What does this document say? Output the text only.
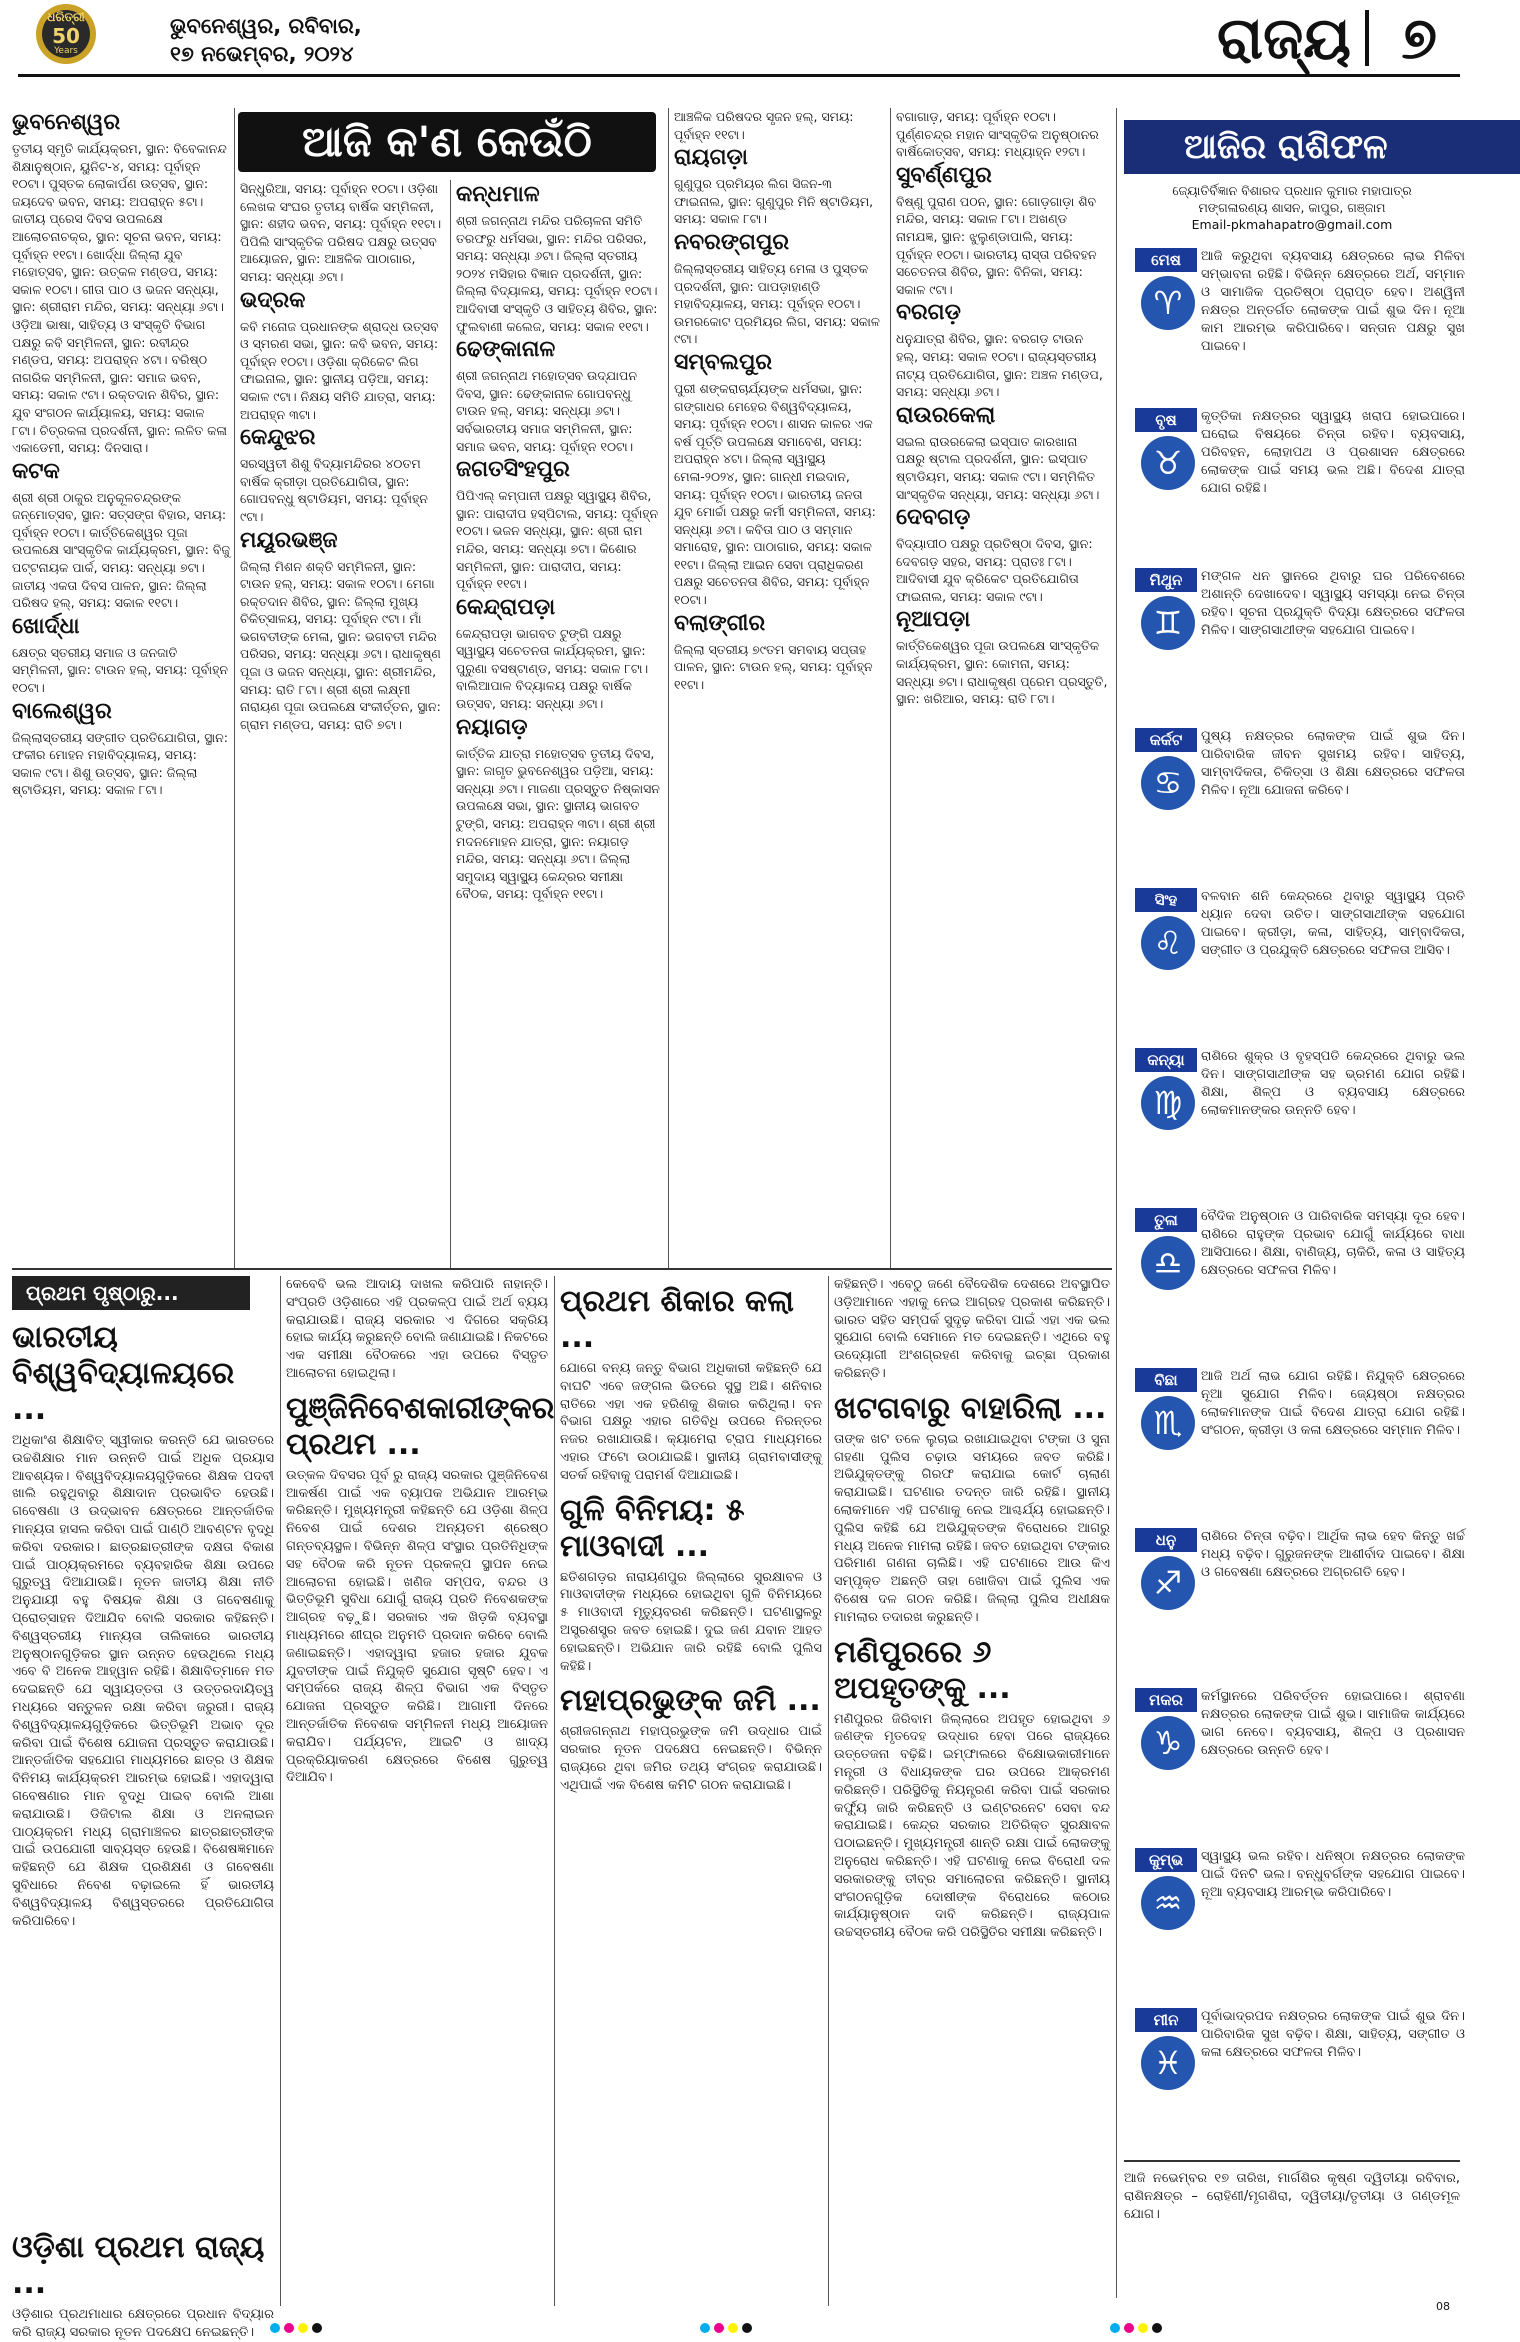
ଧରିତ୍ରୀ
50
Years
ଭୁବନେଶ୍ୱର, ରବିବାର,
୧୭ ନଭେମ୍ବର, ୨୦୨୪	ରାଜ୍ୟ ୭
ଆଜି କ'ଣ କେଉଁଠି
ଭୁବନେଶ୍ୱର

ତୃତୀୟ ସ୍ମୃତି କାର୍ଯ୍ୟକ୍ରମ, ସ୍ଥାନ: ବିବେକାନନ୍ଦ ଶିକ୍ଷାନୁଷ୍ଠାନ, ୟୁନିଟ-୪, ସମୟ: ପୂର୍ବାହ୍ନ ୧୦ଟା। ପୁସ୍ତକ ଲୋକାର୍ପଣ ଉତ୍ସବ, ସ୍ଥାନ: ଜୟଦେବ ଭବନ, ସମୟ: ଅପରାହ୍ନ ୫ଟା। ଜାତୀୟ ପ୍ରେସ ଦିବସ ଉପଲକ୍ଷେ ଆଲୋଚନାଚକ୍ର, ସ୍ଥାନ: ସୂଚନା ଭବନ, ସମୟ: ପୂର୍ବାହ୍ନ ୧୧ଟା। ଖୋର୍ଦ୍ଧା ଜିଲ୍ଲା ଯୁବ ମହୋତ୍ସବ, ସ୍ଥାନ: ଉତ୍କଳ ମଣ୍ଡପ, ସମୟ: ସକାଳ ୧୦ଟା। ଗୀତା ପାଠ ଓ ଭଜନ ସନ୍ଧ୍ୟା, ସ୍ଥାନ: ଶ୍ରୀରାମ ମନ୍ଦିର, ସମୟ: ସନ୍ଧ୍ୟା ୬ଟା। ଓଡ଼ିଆ ଭାଷା, ସାହିତ୍ୟ ଓ ସଂସ୍କୃତି ବିଭାଗ ପକ୍ଷରୁ କବି ସମ୍ମିଳନୀ, ସ୍ଥାନ: ରବୀନ୍ଦ୍ର ମଣ୍ଡପ, ସମୟ: ଅପରାହ୍ନ ୪ଟା। ବରିଷ୍ଠ ନାଗରିକ ସମ୍ମିଳନୀ, ସ୍ଥାନ: ସମାଜ ଭବନ, ସମୟ: ସକାଳ ୯ଟା। ରକ୍ତଦାନ ଶିବିର, ସ୍ଥାନ: ଯୁବ ସଂଗଠନ କାର୍ଯ୍ୟାଳୟ, ସମୟ: ସକାଳ ୮ଟା। ଚିତ୍ରକଳା ପ୍ରଦର୍ଶନୀ, ସ୍ଥାନ: ଲଳିତ କଳା ଏକାଡେମୀ, ସମୟ: ଦିନସାରା।

କଟକ

ଶ୍ରୀ ଶ୍ରୀ ଠାକୁର ଅନୁକୂଳଚନ୍ଦ୍ରଙ୍କ ଜନ୍ମୋତ୍ସବ, ସ୍ଥାନ: ସତ୍ସଙ୍ଗ ବିହାର, ସମୟ: ପୂର୍ବାହ୍ନ ୧୦ଟା। କାର୍ତ୍ତିକେଶ୍ୱର ପୂଜା ଉପଲକ୍ଷେ ସାଂସ୍କୃତିକ କାର୍ଯ୍ୟକ୍ରମ, ସ୍ଥାନ: ବିଜୁ ପଟ୍ଟନାୟକ ପାର୍କ, ସମୟ: ସନ୍ଧ୍ୟା ୭ଟା। ଜାତୀୟ ଏକତା ଦିବସ ପାଳନ, ସ୍ଥାନ: ଜିଲ୍ଲା ପରିଷଦ ହଲ୍, ସମୟ: ସକାଳ ୧୧ଟା।

ଖୋର୍ଦ୍ଧା

କ୍ଷେତ୍ର ସ୍ତରୀୟ ସମାଜ ଓ ଜନଜାତି ସମ୍ମିଳନୀ, ସ୍ଥାନ: ଟାଉନ ହଲ୍, ସମୟ: ପୂର୍ବାହ୍ନ ୧୦ଟା।

ବାଲେଶ୍ୱର

ଜିଲ୍ଲାସ୍ତରୀୟ ସଙ୍ଗୀତ ପ୍ରତିଯୋଗିତା, ସ୍ଥାନ: ଫକୀର ମୋହନ ମହାବିଦ୍ୟାଳୟ, ସମୟ: ସକାଳ ୯ଟା। ଶିଶୁ ଉତ୍ସବ, ସ୍ଥାନ: ଜିଲ୍ଲା ଷ୍ଟାଡିୟମ, ସମୟ: ସକାଳ ୮ଟା।

ସିନ୍ଧୁରିଆ, ସମୟ: ପୂର୍ବାହ୍ନ ୧୦ଟା। ଓଡ଼ିଶା ଲେଖକ ସଂଘର ତୃତୀୟ ବାର୍ଷିକ ସମ୍ମିଳନୀ, ସ୍ଥାନ: ଶହୀଦ ଭବନ, ସମୟ: ପୂର୍ବାହ୍ନ ୧୧ଟା। ପିପିଲି ସାଂସ୍କୃତିକ ପରିଷଦ ପକ୍ଷରୁ ଉତ୍ସବ ଆୟୋଜନ, ସ୍ଥାନ: ଆଞ୍ଚଳିକ ପାଠାଗାର, ସମୟ: ସନ୍ଧ୍ୟା ୬ଟା।

ଭଦ୍ରକ

କବି ମନୋଜ ପ୍ରଧାନଙ୍କ ଶ୍ରାଦ୍ଧ ଉତ୍ସବ ଓ ସ୍ମରଣ ସଭା, ସ୍ଥାନ: କବି ଭବନ, ସମୟ: ପୂର୍ବାହ୍ନ ୧୦ଟା। ଓଡ଼ିଶା କ୍ରିକେଟ ଲିଗ ଫାଇନାଲ, ସ୍ଥାନ: ସ୍ଥାନୀୟ ପଡ଼ିଆ, ସମୟ: ସକାଳ ୯ଟା। ନିକ୍ଷୟ ସମିତି ଯାତ୍ରା, ସମୟ: ଅପରାହ୍ନ ୩ଟା।

କେନ୍ଦୁଝର

ସରସ୍ୱତୀ ଶିଶୁ ବିଦ୍ୟାମନ୍ଦିରର ୪୦ତମ ବାର୍ଷିକ କ୍ରୀଡ଼ା ପ୍ରତିଯୋଗିତା, ସ୍ଥାନ: ଗୋପବନ୍ଧୁ ଷ୍ଟାଡିୟମ, ସମୟ: ପୂର୍ବାହ୍ନ ୯ଟା।

ମୟୂରଭଞ୍ଜ

ଜିଲ୍ଲା ମିଶନ ଶକ୍ତି ସମ୍ମିଳନୀ, ସ୍ଥାନ: ଟାଉନ ହଲ୍, ସମୟ: ସକାଳ ୧୦ଟା। ମେଗା ରକ୍ତଦାନ ଶିବିର, ସ୍ଥାନ: ଜିଲ୍ଲା ମୁଖ୍ୟ ଚିକିତ୍ସାଳୟ, ସମୟ: ପୂର୍ବାହ୍ନ ୯ଟା। ମାଁ ଭଗବତୀଙ୍କ ମେଳା, ସ୍ଥାନ: ଭଗବତୀ ମନ୍ଦିର ପରିସର, ସମୟ: ସନ୍ଧ୍ୟା ୬ଟା। ରାଧାକୃଷ୍ଣ ପୂଜା ଓ ଭଜନ ସନ୍ଧ୍ୟା, ସ୍ଥାନ: ଶ୍ରୀମନ୍ଦିର, ସମୟ: ରାତି ୮ଟା। ଶ୍ରୀ ଶ୍ରୀ ଲକ୍ଷ୍ମୀ ନାରାୟଣ ପୂଜା ଉପଲକ୍ଷେ ସଂକୀର୍ତ୍ତନ, ସ୍ଥାନ: ଗ୍ରାମ ମଣ୍ଡପ, ସମୟ: ରାତି ୭ଟା।

କନ୍ଧମାଳ

ଶ୍ରୀ ଜଗନ୍ନାଥ ମନ୍ଦିର ପରିଚାଳନା ସମିତି ତରଫରୁ ଧର୍ମସଭା, ସ୍ଥାନ: ମନ୍ଦିର ପରିସର, ସମୟ: ସନ୍ଧ୍ୟା ୬ଟା। ଜିଲ୍ଲା ସ୍ତରୀୟ ୨୦୨୪ ମସିହାର ବିଜ୍ଞାନ ପ୍ରଦର୍ଶନୀ, ସ୍ଥାନ: ଜିଲ୍ଲା ବିଦ୍ୟାଳୟ, ସମୟ: ପୂର୍ବାହ୍ନ ୧୦ଟା। ଆଦିବାସୀ ସଂସ୍କୃତି ଓ ସାହିତ୍ୟ ଶିବିର, ସ୍ଥାନ: ଫୁଲବାଣୀ କଲେଜ, ସମୟ: ସକାଳ ୧୧ଟା।

ଢେଙ୍କାନାଳ

ଶ୍ରୀ ଜଗନ୍ନାଥ ମହୋତ୍ସବ ଉଦ୍‌ଯାପନ ଦିବସ, ସ୍ଥାନ: ଢେଙ୍କାନାଳ ଗୋପବନ୍ଧୁ ଟାଉନ ହଲ୍, ସମୟ: ସନ୍ଧ୍ୟା ୬ଟା। ସର୍ବଭାରତୀୟ ସମାଜ ସମ୍ମିଳନୀ, ସ୍ଥାନ: ସମାଜ ଭବନ, ସମୟ: ପୂର୍ବାହ୍ନ ୧୦ଟା।

ଜଗତସିଂହପୁର

ପିପିଏଲ୍ କମ୍ପାନୀ ପକ୍ଷରୁ ସ୍ୱାସ୍ଥ୍ୟ ଶିବିର, ସ୍ଥାନ: ପାରାଦୀପ ହସ୍ପିଟାଲ, ସମୟ: ପୂର୍ବାହ୍ନ ୧୦ଟା। ଭଜନ ସନ୍ଧ୍ୟା, ସ୍ଥାନ: ଶ୍ରୀ ରାମ ମନ୍ଦିର, ସମୟ: ସନ୍ଧ୍ୟା ୭ଟା। କିଶୋର ସମ୍ମିଳନୀ, ସ୍ଥାନ: ପାରାଦୀପ, ସମୟ: ପୂର୍ବାହ୍ନ ୧୧ଟା।

କେନ୍ଦ୍ରାପଡ଼ା

କେନ୍ଦ୍ରାପଡ଼ା ଭାଗବତ ଟୁଙ୍ଗି ପକ୍ଷରୁ ସ୍ୱାସ୍ଥ୍ୟ ସଚେତନତା କାର୍ଯ୍ୟକ୍ରମ, ସ୍ଥାନ: ପୁରୁଣା ବସଷ୍ଟାଣ୍ଡ, ସମୟ: ସକାଳ ୮ଟା। ବାଲିଆପାଳ ବିଦ୍ୟାଳୟ ପକ୍ଷରୁ ବାର୍ଷିକ ଉତ୍ସବ, ସମୟ: ସନ୍ଧ୍ୟା ୬ଟା।

ନୟାଗଡ଼

କାର୍ତ୍ତିକ ଯାତ୍ରା ମହୋତ୍ସବ ତୃତୀୟ ଦିବସ, ସ୍ଥାନ: ଜାଗୃତ ଭୁବନେଶ୍ୱର ପଡ଼ିଆ, ସମୟ: ସନ୍ଧ୍ୟା ୬ଟା। ମାଜଣା ପ୍ରସ୍ତୁତ ନିଷ୍କାସନ ଉପଲକ୍ଷେ ସଭା, ସ୍ଥାନ: ସ୍ଥାନୀୟ ଭାଗବତ ଟୁଙ୍ଗି, ସମୟ: ଅପରାହ୍ନ ୩ଟା। ଶ୍ରୀ ଶ୍ରୀ ମଦନମୋହନ ଯାତ୍ରା, ସ୍ଥାନ: ନୟାଗଡ଼ ମନ୍ଦିର, ସମୟ: ସନ୍ଧ୍ୟା ୬ଟା। ଜିଲ୍ଲା ସମୁଦାୟ ସ୍ୱାସ୍ଥ୍ୟ କେନ୍ଦ୍ରର ସମୀକ୍ଷା ବୈଠକ, ସମୟ: ପୂର୍ବାହ୍ନ ୧୧ଟା।

ଆଞ୍ଚଳିକ ପରିଷଦର ସୃଜନ ହଲ୍, ସମୟ: ପୂର୍ବାହ୍ନ ୧୧ଟା।

ରାୟଗଡ଼ା

ଗୁଣୁପୁର ପ୍ରମିୟର ଲିଗ ସିଜନ-୩ ଫାଇନାଲ, ସ୍ଥାନ: ଗୁଣୁପୁର ମିନି ଷ୍ଟାଡିୟମ, ସମୟ: ସକାଳ ୮ଟା।

ନବରଙ୍ଗପୁର

ଜିଲ୍ଲାସ୍ତରୀୟ ସାହିତ୍ୟ ମେଳା ଓ ପୁସ୍ତକ ପ୍ରଦର୍ଶନୀ, ସ୍ଥାନ: ପାପଡ଼ାହାଣ୍ଡି ମହାବିଦ୍ୟାଳୟ, ସମୟ: ପୂର୍ବାହ୍ନ ୧୦ଟା। ଉମରକୋଟ ପ୍ରମିୟର ଲିଗ, ସମୟ: ସକାଳ ୯ଟା।

ସମ୍ବଲପୁର

ପୁରୀ ଶଙ୍କରାଚାର୍ଯ୍ୟଙ୍କ ଧର୍ମସଭା, ସ୍ଥାନ: ଗଙ୍ଗାଧର ମେହେର ବିଶ୍ୱବିଦ୍ୟାଳୟ, ସମୟ: ପୂର୍ବାହ୍ନ ୧୦ଟା। ଶାସନ କାଳର ଏକ ବର୍ଷ ପୂର୍ତ୍ତି ଉପଲକ୍ଷେ ସମାବେଶ, ସମୟ: ଅପରାହ୍ନ ୪ଟା। ଜିଲ୍ଲା ସ୍ୱାସ୍ଥ୍ୟ ମେଳା-୨୦୨୪, ସ୍ଥାନ: ଗାନ୍ଧୀ ମଇଦାନ, ସମୟ: ପୂର୍ବାହ୍ନ ୧୦ଟା। ଭାରତୀୟ ଜନତା ଯୁବ ମୋର୍ଚ୍ଚା ପକ୍ଷରୁ କର୍ମୀ ସମ୍ମିଳନୀ, ସମୟ: ସନ୍ଧ୍ୟା ୬ଟା। କବିତା ପାଠ ଓ ସମ୍ମାନ ସମାରୋହ, ସ୍ଥାନ: ପାଠାଗାର, ସମୟ: ସକାଳ ୧୧ଟା। ଜିଲ୍ଲା ଆଇନ ସେବା ପ୍ରାଧିକରଣ ପକ୍ଷରୁ ସଚେତନତା ଶିବିର, ସମୟ: ପୂର୍ବାହ୍ନ ୧୦ଟା।

ବଲାଙ୍ଗୀର

ଜିଲ୍ଲା ସ୍ତରୀୟ ୭୯ତମ ସମବାୟ ସପ୍ତାହ ପାଳନ, ସ୍ଥାନ: ଟାଉନ ହଲ୍, ସମୟ: ପୂର୍ବାହ୍ନ ୧୧ଟା।

ବଗାଗାଡ଼, ସମୟ: ପୂର୍ବାହ୍ନ ୧୦ଟା। ପୁର୍ଣ୍ଣଚନ୍ଦ୍ର ମହାନ ସାଂସ୍କୃତିକ ଅନୁଷ୍ଠାନର ବାର୍ଷିକୋତ୍ସବ, ସମୟ: ମଧ୍ୟାହ୍ନ ୧୨ଟା।

ସୁବର୍ଣ୍ଣପୁର

ବିଷ୍ଣୁ ପୁରାଣ ପଠନ, ସ୍ଥାନ: ଗୋଡ଼ଗାଡ଼ା ଶିବ ମନ୍ଦିର, ସମୟ: ସକାଳ ୮ଟା। ଅଖଣ୍ଡ ନାମଯଜ୍ଞ, ସ୍ଥାନ: ଝୁଲୁଣ୍ଡାପାଲି, ସମୟ: ପୂର୍ବାହ୍ନ ୧୦ଟା। ଭାରତୀୟ ରାସ୍ତା ପରିବହନ ସଚେତନତା ଶିବିର, ସ୍ଥାନ: ବିନିକା, ସମୟ: ସକାଳ ୯ଟା।

ବରଗଡ଼

ଧନୁଯାତ୍ରା ଶିବିର, ସ୍ଥାନ: ବରଗଡ଼ ଟାଉନ ହଲ୍, ସମୟ: ସକାଳ ୧୦ଟା। ରାଜ୍ୟସ୍ତରୀୟ ନାଟ୍ୟ ପ୍ରତିଯୋଗିତା, ସ୍ଥାନ: ଅଞ୍ଚଳ ମଣ୍ଡପ, ସମୟ: ସନ୍ଧ୍ୟା ୬ଟା।

ରାଉରକେଲା

ସଇଲ ରାଉରକେଲା ଇସ୍ପାତ କାରଖାନା ପକ୍ଷରୁ ଷ୍ଟାଲ ପ୍ରଦର୍ଶନୀ, ସ୍ଥାନ: ଇସ୍ପାତ ଷ୍ଟାଡିୟମ, ସମୟ: ସକାଳ ୯ଟା। ସମ୍ମିଳିତ ସାଂସ୍କୃତିକ ସନ୍ଧ୍ୟା, ସମୟ: ସନ୍ଧ୍ୟା ୬ଟା।

ଦେବଗଡ଼

ବିଦ୍ୟାପୀଠ ପକ୍ଷରୁ ପ୍ରତିଷ୍ଠା ଦିବସ, ସ୍ଥାନ: ଦେବଗଡ଼ ସହର, ସମୟ: ପ୍ରାତଃ ୮ଟା। ଆଦିବାସୀ ଯୁବ କ୍ରିକେଟ ପ୍ରତିଯୋଗିତା ଫାଇନାଲ, ସମୟ: ସକାଳ ୯ଟା।

ନୂଆପଡ଼ା

କାର୍ତ୍ତିକେଶ୍ୱର ପୂଜା ଉପଲକ୍ଷେ ସାଂସ୍କୃତିକ କାର୍ଯ୍ୟକ୍ରମ, ସ୍ଥାନ: କୋମନା, ସମୟ: ସନ୍ଧ୍ୟା ୭ଟା। ରାଧାକୃଷ୍ଣ ପ୍ରେମ ପ୍ରସ୍ତୁତି, ସ୍ଥାନ: ଖରିଆର, ସମୟ: ରାତି ୮ଟା।

ପ୍ରଥମ ପୃଷ୍ଠାରୁ...
ଭାରତୀୟ ବିଶ୍ୱବିଦ୍ୟାଳୟରେ ...

ଅଧିକାଂଶ ଶିକ୍ଷାବିତ୍ ସ୍ୱୀକାର କରନ୍ତି ଯେ ଭାରତରେ ଉଚ୍ଚଶିକ୍ଷାର ମାନ ଉନ୍ନତି ପାଇଁ ଅଧିକ ପ୍ରୟାସ ଆବଶ୍ୟକ। ବିଶ୍ୱବିଦ୍ୟାଳୟଗୁଡ଼ିକରେ ଶିକ୍ଷକ ପଦବୀ ଖାଲି ରହୁଥିବାରୁ ଶିକ୍ଷାଦାନ ପ୍ରଭାବିତ ହେଉଛି। ଗବେଷଣା ଓ ଉଦ୍ଭାବନ କ୍ଷେତ୍ରରେ ଆନ୍ତର୍ଜାତିକ ମାନ୍ୟତା ହାସଲ କରିବା ପାଇଁ ପାଣ୍ଠି ଆବଣ୍ଟନ ବୃଦ୍ଧି କରିବା ଦରକାର। ଛାତ୍ରଛାତ୍ରୀଙ୍କ ଦକ୍ଷତା ବିକାଶ ପାଇଁ ପାଠ୍ୟକ୍ରମରେ ବ୍ୟବହାରିକ ଶିକ୍ଷା ଉପରେ ଗୁରୁତ୍ୱ ଦିଆଯାଉଛି। ନୂତନ ଜାତୀୟ ଶିକ୍ଷା ନୀତି ଅନୁଯାୟୀ ବହୁ ବିଷୟକ ଶିକ୍ଷା ଓ ଗବେଷଣାକୁ ପ୍ରୋତ୍ସାହନ ଦିଆଯିବ ବୋଲି ସରକାର କହିଛନ୍ତି। ବିଶ୍ୱସ୍ତରୀୟ ମାନ୍ୟତା ତାଲିକାରେ ଭାରତୀୟ ଅନୁଷ୍ଠାନଗୁଡ଼ିକର ସ୍ଥାନ ଉନ୍ନତ ହେଉଥିଲେ ମଧ୍ୟ ଏବେ ବି ଅନେକ ଆହ୍ୱାନ ରହିଛି। ଶିକ୍ଷାବିତ୍ମାନେ ମତ ଦେଇଛନ୍ତି ଯେ ସ୍ୱାୟତ୍ତତା ଓ ଉତ୍ତରଦାୟିତ୍ୱ ମଧ୍ୟରେ ସନ୍ତୁଳନ ରକ୍ଷା କରିବା ଜରୁରୀ। ରାଜ୍ୟ ବିଶ୍ୱବିଦ୍ୟାଳୟଗୁଡ଼ିକରେ ଭିତ୍ତିଭୂମି ଅଭାବ ଦୂର କରିବା ପାଇଁ ବିଶେଷ ଯୋଜନା ପ୍ରସ୍ତୁତ କରାଯାଉଛି। ଆନ୍ତର୍ଜାତିକ ସହଯୋଗ ମାଧ୍ୟମରେ ଛାତ୍ର ଓ ଶିକ୍ଷକ ବିନିମୟ କାର୍ଯ୍ୟକ୍ରମ ଆରମ୍ଭ ହୋଇଛି। ଏହାଦ୍ୱାରା ଗବେଷଣାର ମାନ ବୃଦ୍ଧି ପାଇବ ବୋଲି ଆଶା କରାଯାଉଛି। ଡିଜିଟାଲ ଶିକ୍ଷା ଓ ଅନଲାଇନ ପାଠ୍ୟକ୍ରମ ମଧ୍ୟ ଗ୍ରାମାଞ୍ଚଳର ଛାତ୍ରଛାତ୍ରୀଙ୍କ ପାଇଁ ଉପଯୋଗୀ ସାବ୍ୟସ୍ତ ହେଉଛି। ବିଶେଷଜ୍ଞମାନେ କହିଛନ୍ତି ଯେ ଶିକ୍ଷକ ପ୍ରଶିକ୍ଷଣ ଓ ଗବେଷଣା ସୁବିଧାରେ ନିବେଶ ବଢ଼ାଇଲେ ହିଁ ଭାରତୀୟ ବିଶ୍ୱବିଦ୍ୟାଳୟ ବିଶ୍ୱସ୍ତରରେ ପ୍ରତିଯୋଗିତା କରିପାରିବେ।

ଓଡ଼ିଶା ପ୍ରଥମ ରାଜ୍ୟ ...

ଓଡ଼ିଶାର ପ୍ରଥମାଧାର କ୍ଷେତ୍ରରେ ପ୍ରଧାନ ବିଦ୍ୟାର କରି ରାଜ୍ୟ ସରକାର ନୂତନ ପଦକ୍ଷେପ ନେଇଛନ୍ତି।

କେବେବି ଭଲ ଆଦାୟ ଦାଖଲ କରିପାରି ନାହାନ୍ତି। ସଂପ୍ରତି ଓଡ଼ିଶାରେ ଏହି ପ୍ରକଳ୍ପ ପାଇଁ ଅର୍ଥ ବ୍ୟୟ କରାଯାଉଛି। ରାଜ୍ୟ ସରକାର ଏ ଦିଗରେ ସକ୍ରିୟ ହୋଇ କାର୍ଯ୍ୟ କରୁଛନ୍ତି ବୋଲି ଜଣାଯାଇଛି। ନିକଟରେ ଏକ ସମୀକ୍ଷା ବୈଠକରେ ଏହା ଉପରେ ବିସ୍ତୃତ ଆଲୋଚନା ହୋଇଥିଲା।

ପୁଞ୍ଜିନିବେଶକାରୀଙ୍କର ପ୍ରଥମ ...

ଉତ୍କଳ ଦିବସର ପୂର୍ବ ରୁ ରାଜ୍ୟ ସରକାର ପୁଞ୍ଜିନିବେଶ ଆକର୍ଷଣ ପାଇଁ ଏକ ବ୍ୟାପକ ଅଭିଯାନ ଆରମ୍ଭ କରିଛନ୍ତି। ମୁଖ୍ୟମନ୍ତ୍ରୀ କହିଛନ୍ତି ଯେ ଓଡ଼ିଶା ଶିଳ୍ପ ନିବେଶ ପାଇଁ ଦେଶର ଅନ୍ୟତମ ଶ୍ରେଷ୍ଠ ଗନ୍ତବ୍ୟସ୍ଥଳ। ବିଭିନ୍ନ ଶିଳ୍ପ ସଂସ୍ଥାର ପ୍ରତିନିଧିଙ୍କ ସହ ବୈଠକ କରି ନୂତନ ପ୍ରକଳ୍ପ ସ୍ଥାପନ ନେଇ ଆଲୋଚନା ହୋଇଛି। ଖଣିଜ ସମ୍ପଦ, ବନ୍ଦର ଓ ଭିତ୍ତିଭୂମି ସୁବିଧା ଯୋଗୁଁ ରାଜ୍ୟ ପ୍ରତି ନିବେଶକଙ୍କ ଆଗ୍ରହ ବଢ଼ୁଛି। ସରକାର ଏକ ଖିଡ଼କି ବ୍ୟବସ୍ଥା ମାଧ୍ୟମରେ ଶୀଘ୍ର ଅନୁମତି ପ୍ରଦାନ କରିବେ ବୋଲି ଜଣାଇଛନ୍ତି। ଏହାଦ୍ୱାରା ହଜାର ହଜାର ଯୁବକ ଯୁବତୀଙ୍କ ପାଇଁ ନିଯୁକ୍ତି ସୁଯୋଗ ସୃଷ୍ଟି ହେବ। ଏ ସମ୍ପର୍କରେ ରାଜ୍ୟ ଶିଳ୍ପ ବିଭାଗ ଏକ ବିସ୍ତୃତ ଯୋଜନା ପ୍ରସ୍ତୁତ କରିଛି। ଆଗାମୀ ଦିନରେ ଆନ୍ତର୍ଜାତିକ ନିବେଶକ ସମ୍ମିଳନୀ ମଧ୍ୟ ଆୟୋଜନ କରାଯିବ। ପର୍ଯ୍ୟଟନ, ଆଇଟି ଓ ଖାଦ୍ୟ ପ୍ରକ୍ରିୟାକରଣ କ୍ଷେତ୍ରରେ ବିଶେଷ ଗୁରୁତ୍ୱ ଦିଆଯିବ।

ପ୍ରଥମ ଶିକାର କଲା ...

ଯୋଗେ ବନ୍ୟ ଜନ୍ତୁ ବିଭାଗ ଅଧିକାରୀ କହିଛନ୍ତି ଯେ ବାଘଟି ଏବେ ଜଙ୍ଗଲ ଭିତରେ ସୁସ୍ଥ ଅଛି। ଶନିବାର ରାତିରେ ଏହା ଏକ ହରିଣକୁ ଶିକାର କରିଥିଲା। ବନ ବିଭାଗ ପକ୍ଷରୁ ଏହାର ଗତିବିଧି ଉପରେ ନିରନ୍ତର ନଜର ରଖାଯାଉଛି। କ୍ୟାମେରା ଟ୍ରାପ ମାଧ୍ୟମରେ ଏହାର ଫଟୋ ଉଠାଯାଇଛି। ସ୍ଥାନୀୟ ଗ୍ରାମବାସୀଙ୍କୁ ସତର୍କ ରହିବାକୁ ପରାମର୍ଶ ଦିଆଯାଇଛି।

ଗୁଳି ବିନିମୟ: ୫ ମାଓବାଦୀ ...

ଛତିଶଗଡ଼ର ନାରାୟଣପୁର ଜିଲ୍ଲାରେ ସୁରକ୍ଷାବଳ ଓ ମାଓବାଦୀଙ୍କ ମଧ୍ୟରେ ହୋଇଥିବା ଗୁଳି ବିନିମୟରେ ୫ ମାଓବାଦୀ ମୃତ୍ୟୁବରଣ କରିଛନ୍ତି। ଘଟଣାସ୍ଥଳରୁ ଅସ୍ତ୍ରଶସ୍ତ୍ର ଜବତ ହୋଇଛି। ଦୁଇ ଜଣ ଯବାନ ଆହତ ହୋଇଛନ୍ତି। ଅଭିଯାନ ଜାରି ରହିଛି ବୋଲି ପୁଲିସ କହିଛି।

ମହାପ୍ରଭୁଙ୍କ ଜମି ...

ଶ୍ରୀଜଗନ୍ନାଥ ମହାପ୍ରଭୁଙ୍କ ଜମି ଉଦ୍ଧାର ପାଇଁ ସରକାର ନୂତନ ପଦକ୍ଷେପ ନେଇଛନ୍ତି। ବିଭିନ୍ନ ରାଜ୍ୟରେ ଥିବା ଜମିର ତଥ୍ୟ ସଂଗ୍ରହ କରାଯାଉଛି। ଏଥିପାଇଁ ଏକ ବିଶେଷ କମିଟି ଗଠନ କରାଯାଇଛି।

କହିଛନ୍ତି। ଏବେଠୁ ଜଣେ ବୈଦେଶିକ ଦେଶରେ ଅବସ୍ଥାପିତ ଓଡ଼ିଆମାନେ ଏହାକୁ ନେଇ ଆଗ୍ରହ ପ୍ରକାଶ କରିଛନ୍ତି। ଭାରତ ସହିତ ସମ୍ପର୍କ ସୁଦୃଢ଼ କରିବା ପାଇଁ ଏହା ଏକ ଭଲ ସୁଯୋଗ ବୋଲି ସେମାନେ ମତ ଦେଇଛନ୍ତି। ଏଥିରେ ବହୁ ଉଦ୍ୟୋଗୀ ଅଂଶଗ୍ରହଣ କରିବାକୁ ଇଚ୍ଛା ପ୍ରକାଶ କରିଛନ୍ତି।

ଖଟଗବାରୁ ବାହାରିଲା ...

ତାଙ୍କ ଖଟ ତଳେ ଲୁଚାଇ ରଖାଯାଇଥିବା ଟଙ୍କା ଓ ସୁନା ଗହଣା ପୁଲିସ ଚଢ଼ାଉ ସମୟରେ ଜବତ କରିଛି। ଅଭିଯୁକ୍ତଙ୍କୁ ଗିରଫ କରାଯାଇ କୋର୍ଟ ଚାଲାଣ କରାଯାଇଛି। ଘଟଣାର ତଦନ୍ତ ଜାରି ରହିଛି। ସ୍ଥାନୀୟ ଲୋକମାନେ ଏହି ଘଟଣାକୁ ନେଇ ଆଶ୍ଚର୍ଯ୍ୟ ହୋଇଛନ୍ତି। ପୁଲିସ କହିଛି ଯେ ଅଭିଯୁକ୍ତଙ୍କ ବିରୋଧରେ ଆଗରୁ ମଧ୍ୟ ଅନେକ ମାମଲା ରହିଛି। ଜବତ ହୋଇଥିବା ଟଙ୍କାର ପରିମାଣ ଗଣନା ଚାଲିଛି। ଏହି ଘଟଣାରେ ଆଉ କିଏ ସମ୍ପୃକ୍ତ ଅଛନ୍ତି ତାହା ଖୋଜିବା ପାଇଁ ପୁଲିସ ଏକ ବିଶେଷ ଦଳ ଗଠନ କରିଛି। ଜିଲ୍ଲା ପୁଲିସ ଅଧୀକ୍ଷକ ମାମଲାର ତଦାରଖ କରୁଛନ୍ତି।

ମଣିପୁରରେ ୬ ଅପହୃତଙ୍କୁ ...

ମଣିପୁରର ଜିରିବାମ ଜିଲ୍ଲାରେ ଅପହୃତ ହୋଇଥିବା ୬ ଜଣଙ୍କ ମୃତଦେହ ଉଦ୍ଧାର ହେବା ପରେ ରାଜ୍ୟରେ ଉତ୍ତେଜନା ବଢ଼ିଛି। ଇମ୍ଫାଲରେ ବିକ୍ଷୋଭକାରୀମାନେ ମନ୍ତ୍ରୀ ଓ ବିଧାୟକଙ୍କ ଘର ଉପରେ ଆକ୍ରମଣ କରିଛନ୍ତି। ପରିସ୍ଥିତିକୁ ନିୟନ୍ତ୍ରଣ କରିବା ପାଇଁ ସରକାର କର୍ଫ୍ୟୁ ଜାରି କରିଛନ୍ତି ଓ ଇଣ୍ଟରନେଟ ସେବା ବନ୍ଦ କରାଯାଇଛି। କେନ୍ଦ୍ର ସରକାର ଅତିରିକ୍ତ ସୁରକ୍ଷାବଳ ପଠାଇଛନ୍ତି। ମୁଖ୍ୟମନ୍ତ୍ରୀ ଶାନ୍ତି ରକ୍ଷା ପାଇଁ ଲୋକଙ୍କୁ ଅନୁରୋଧ କରିଛନ୍ତି। ଏହି ଘଟଣାକୁ ନେଇ ବିରୋଧୀ ଦଳ ସରକାରଙ୍କୁ ତୀବ୍ର ସମାଲୋଚନା କରିଛନ୍ତି। ସ୍ଥାନୀୟ ସଂଗଠନଗୁଡ଼ିକ ଦୋଷୀଙ୍କ ବିରୋଧରେ କଠୋର କାର୍ଯ୍ୟାନୁଷ୍ଠାନ ଦାବି କରିଛନ୍ତି। ରାଜ୍ୟପାଳ ଉଚ୍ଚସ୍ତରୀୟ ବୈଠକ କରି ପରିସ୍ଥିତିର ସମୀକ୍ଷା କରିଛନ୍ତି।

ଆଜିର ରାଶିଫଳ
ଜ୍ୟୋତିର୍ବିଜ୍ଞାନ ବିଶାରଦ ପ୍ରଧାନ କୁମାର ମହାପାତ୍ର
ମଙ୍ଗଳାରଣ୍ୟ ଶାସନ, କାପୁର, ଗଞ୍ଜାମ
Email-pkmahapatro@gmail.com
ମେଷ
♈
ଆଜି କରୁଥିବା ବ୍ୟବସାୟ କ୍ଷେତ୍ରରେ ଲାଭ ମିଳିବା ସମ୍ଭାବନା ରହିଛି। ବିଭିନ୍ନ କ୍ଷେତ୍ରରେ ଅର୍ଥ, ସମ୍ମାନ ଓ ସାମାଜିକ ପ୍ରତିଷ୍ଠା ପ୍ରାପ୍ତ ହେବ। ଅଶ୍ୱିନୀ ନକ୍ଷତ୍ର ଅନ୍ତର୍ଗତ ଲୋକଙ୍କ ପାଇଁ ଶୁଭ ଦିନ। ନୂଆ କାମ ଆରମ୍ଭ କରିପାରିବେ। ସନ୍ତାନ ପକ୍ଷରୁ ସୁଖ ପାଇବେ।
ବୃଷ
♉
କୃତ୍ତିକା ନକ୍ଷତ୍ରର ସ୍ୱାସ୍ଥ୍ୟ ଖରାପ ହୋଇପାରେ। ଘରୋଇ ବିଷୟରେ ଚିନ୍ତା ରହିବ। ବ୍ୟବସାୟ, ପରିବହନ, ଲୋହାପଥ ଓ ପ୍ରଶାସନ କ୍ଷେତ୍ରରେ ଲୋକଙ୍କ ପାଇଁ ସମୟ ଭଲ ଅଛି। ବିଦେଶ ଯାତ୍ରା ଯୋଗ ରହିଛି।
ମିଥୁନ
♊
ମଙ୍ଗଳ ଧନ ସ୍ଥାନରେ ଥିବାରୁ ଘର ପରିବେଶରେ ଅଶାନ୍ତି ଦେଖାଦେବ। ସ୍ୱାସ୍ଥ୍ୟ ସମସ୍ୟା ନେଇ ଚିନ୍ତା ରହିବ। ସୂଚନା ପ୍ରଯୁକ୍ତି ବିଦ୍ୟା କ୍ଷେତ୍ରରେ ସଫଳତା ମିଳିବ। ସାଙ୍ଗସାଥୀଙ୍କ ସହଯୋଗ ପାଇବେ।
କର୍କଟ
♋
ପୁଷ୍ୟ ନକ୍ଷତ୍ରର ଲୋକଙ୍କ ପାଇଁ ଶୁଭ ଦିନ। ପାରିବାରିକ ଜୀବନ ସୁଖମୟ ରହିବ। ସାହିତ୍ୟ, ସାମ୍ବାଦିକତା, ଚିକିତ୍ସା ଓ ଶିକ୍ଷା କ୍ଷେତ୍ରରେ ସଫଳତା ମିଳିବ। ନୂଆ ଯୋଜନା କରିବେ।
ସିଂହ
♌
ବଳବାନ ଶନି କେନ୍ଦ୍ରରେ ଥିବାରୁ ସ୍ୱାସ୍ଥ୍ୟ ପ୍ରତି ଧ୍ୟାନ ଦେବା ଉଚିତ। ସାଙ୍ଗସାଥୀଙ୍କ ସହଯୋଗ ପାଇବେ। କ୍ରୀଡ଼ା, କଳା, ସାହିତ୍ୟ, ସାମ୍ବାଦିକତା, ସଙ୍ଗୀତ ଓ ପ୍ରଯୁକ୍ତି କ୍ଷେତ୍ରରେ ସଫଳତା ଆସିବ।
କନ୍ୟା
♍
ରାଶିରେ ଶୁକ୍ର ଓ ବୃହସ୍ପତି କେନ୍ଦ୍ରରେ ଥିବାରୁ ଭଲ ଦିନ। ସାଙ୍ଗସାଥୀଙ୍କ ସହ ଭ୍ରମଣ ଯୋଗ ରହିଛି। ଶିକ୍ଷା, ଶିଳ୍ପ ଓ ବ୍ୟବସାୟ କ୍ଷେତ୍ରରେ ଲୋକମାନଙ୍କର ଉନ୍ନତି ହେବ।
ତୁଳା
♎
ବୈଦିକ ଅନୁଷ୍ଠାନ ଓ ପାରିବାରିକ ସମସ୍ୟା ଦୂର ହେବ। ରାଶିରେ ରାହୁଙ୍କ ପ୍ରଭାବ ଯୋଗୁଁ କାର୍ଯ୍ୟରେ ବାଧା ଆସିପାରେ। ଶିକ୍ଷା, ବାଣିଜ୍ୟ, ଚାକିରି, କଳା ଓ ସାହିତ୍ୟ କ୍ଷେତ୍ରରେ ସଫଳତା ମିଳିବ।
ବିଛା
♏
ଆଜି ଅର୍ଥ ଲାଭ ଯୋଗ ରହିଛି। ନିଯୁକ୍ତି କ୍ଷେତ୍ରରେ ନୂଆ ସୁଯୋଗ ମିଳିବ। ଜ୍ୟେଷ୍ଠା ନକ୍ଷତ୍ରର ଲୋକମାନଙ୍କ ପାଇଁ ବିଦେଶ ଯାତ୍ରା ଯୋଗ ରହିଛି। ସଂଗଠନ, କ୍ରୀଡ଼ା ଓ କଳା କ୍ଷେତ୍ରରେ ସମ୍ମାନ ମିଳିବ।
ଧନୁ
♐
ରାଶିରେ ଚିନ୍ତା ବଢ଼ିବ। ଆର୍ଥିକ ଲାଭ ହେବ କିନ୍ତୁ ଖର୍ଚ୍ଚ ମଧ୍ୟ ବଢ଼ିବ। ଗୁରୁଜନଙ୍କ ଆଶୀର୍ବାଦ ପାଇବେ। ଶିକ୍ଷା ଓ ଗବେଷଣା କ୍ଷେତ୍ରରେ ଅଗ୍ରଗତି ହେବ।
ମକର
♑
କର୍ମସ୍ଥାନରେ ପରିବର୍ତ୍ତନ ହୋଇପାରେ। ଶ୍ରାବଣା ନକ୍ଷତ୍ରର ଲୋକଙ୍କ ପାଇଁ ଶୁଭ। ସାମାଜିକ କାର୍ଯ୍ୟରେ ଭାଗ ନେବେ। ବ୍ୟବସାୟ, ଶିଳ୍ପ ଓ ପ୍ରଶାସନ କ୍ଷେତ୍ରରେ ଉନ୍ନତି ହେବ।
କୁମ୍ଭ
♒
ସ୍ୱାସ୍ଥ୍ୟ ଭଲ ରହିବ। ଧନିଷ୍ଠା ନକ୍ଷତ୍ରର ଲୋକଙ୍କ ପାଇଁ ଦିନଟି ଭଲ। ବନ୍ଧୁବର୍ଗଙ୍କ ସହଯୋଗ ପାଇବେ। ନୂଆ ବ୍ୟବସାୟ ଆରମ୍ଭ କରିପାରିବେ।
ମୀନ
♓
ପୂର୍ବାଭାଦ୍ରପଦ ନକ୍ଷତ୍ରର ଲୋକଙ୍କ ପାଇଁ ଶୁଭ ଦିନ। ପାରିବାରିକ ସୁଖ ବଢ଼ିବ। ଶିକ୍ଷା, ସାହିତ୍ୟ, ସଙ୍ଗୀତ ଓ କଳା କ୍ଷେତ୍ରରେ ସଫଳତା ମିଳିବ।
ଆଜି ନଭେମ୍ବର ୧୭ ତାରିଖ, ମାର୍ଗଶିର କୃଷ୍ଣ ଦ୍ୱିତୀୟା ରବିବାର, ରାଶିନକ୍ଷତ୍ର – ରୋହିଣୀ/ମୃଗଶିରା, ଦ୍ୱିତୀୟା/ତୃତୀୟା ଓ ଗଣ୍ଡମୂଳ ଯୋଗ।
08
